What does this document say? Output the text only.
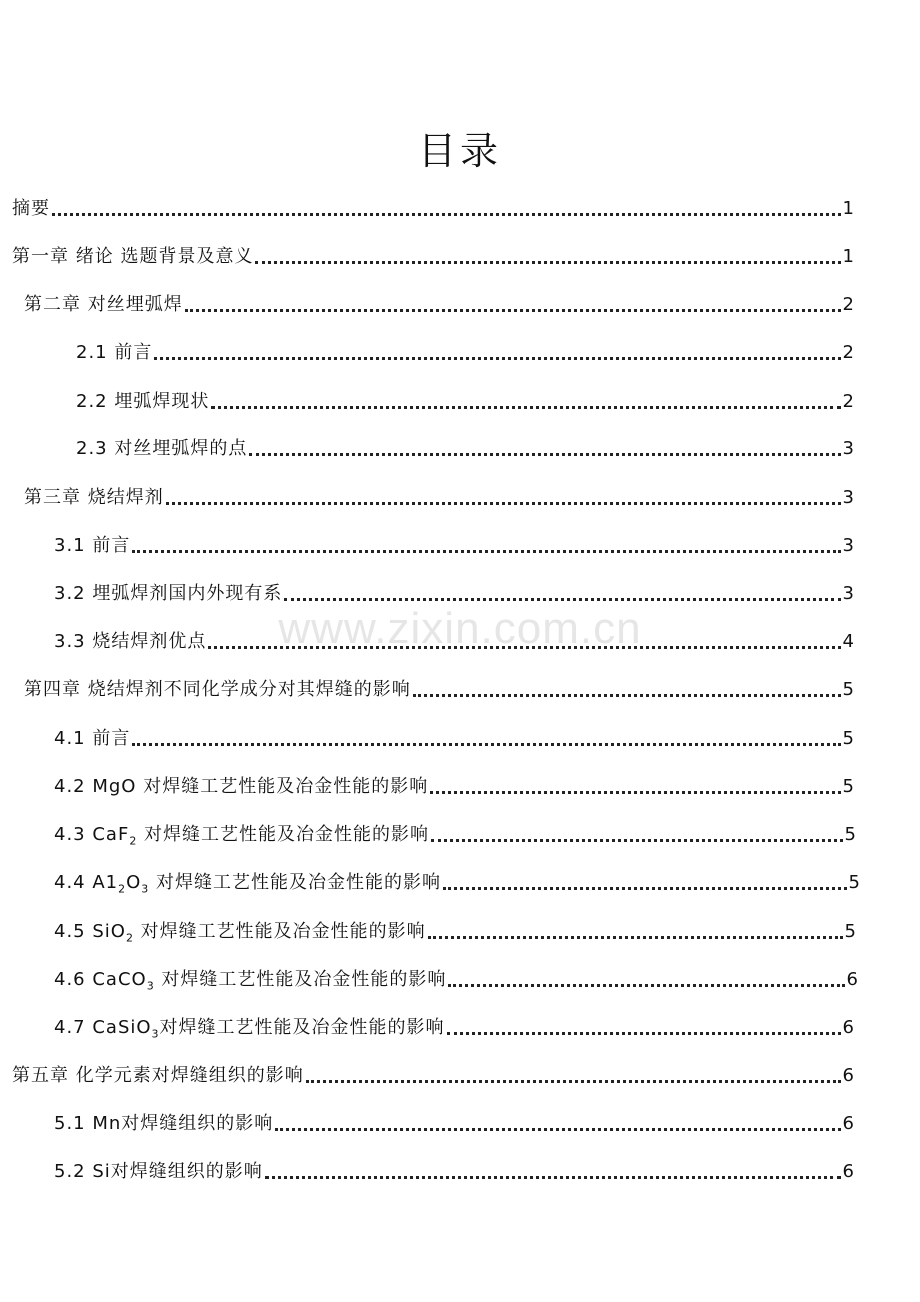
目录
www.zixin.com.cn
摘要	1
第一章 绪论 选题背景及意义	1
第二章 对丝埋弧焊	2
2.1 前言	2
2.2 埋弧焊现状	2
2.3 对丝埋弧焊的点	3
第三章 烧结焊剂	3
3.1 前言	3
3.2 埋弧焊剂国内外现有系	3
3.3 烧结焊剂优点	4
第四章 烧结焊剂不同化学成分对其焊缝的影响	5
4.1 前言	5
4.2 MgO 对焊缝工艺性能及冶金性能的影响	5
4.3 CaF$_2$ 对焊缝工艺性能及冶金性能的影响	5
4.4 $A1_2O_3$ 对焊缝工艺性能及冶金性能的影响	5
4.5 SiO$_2$ 对焊缝工艺性能及冶金性能的影响	5
4.6 CaCO$_3$ 对焊缝工艺性能及冶金性能的影响	6
4.7 CaSiO$_3$对焊缝工艺性能及冶金性能的影响	6
第五章 化学元素对焊缝组织的影响	6
5.1 Mn对焊缝组织的影响	6
5.2 Si对焊缝组织的影响	6
